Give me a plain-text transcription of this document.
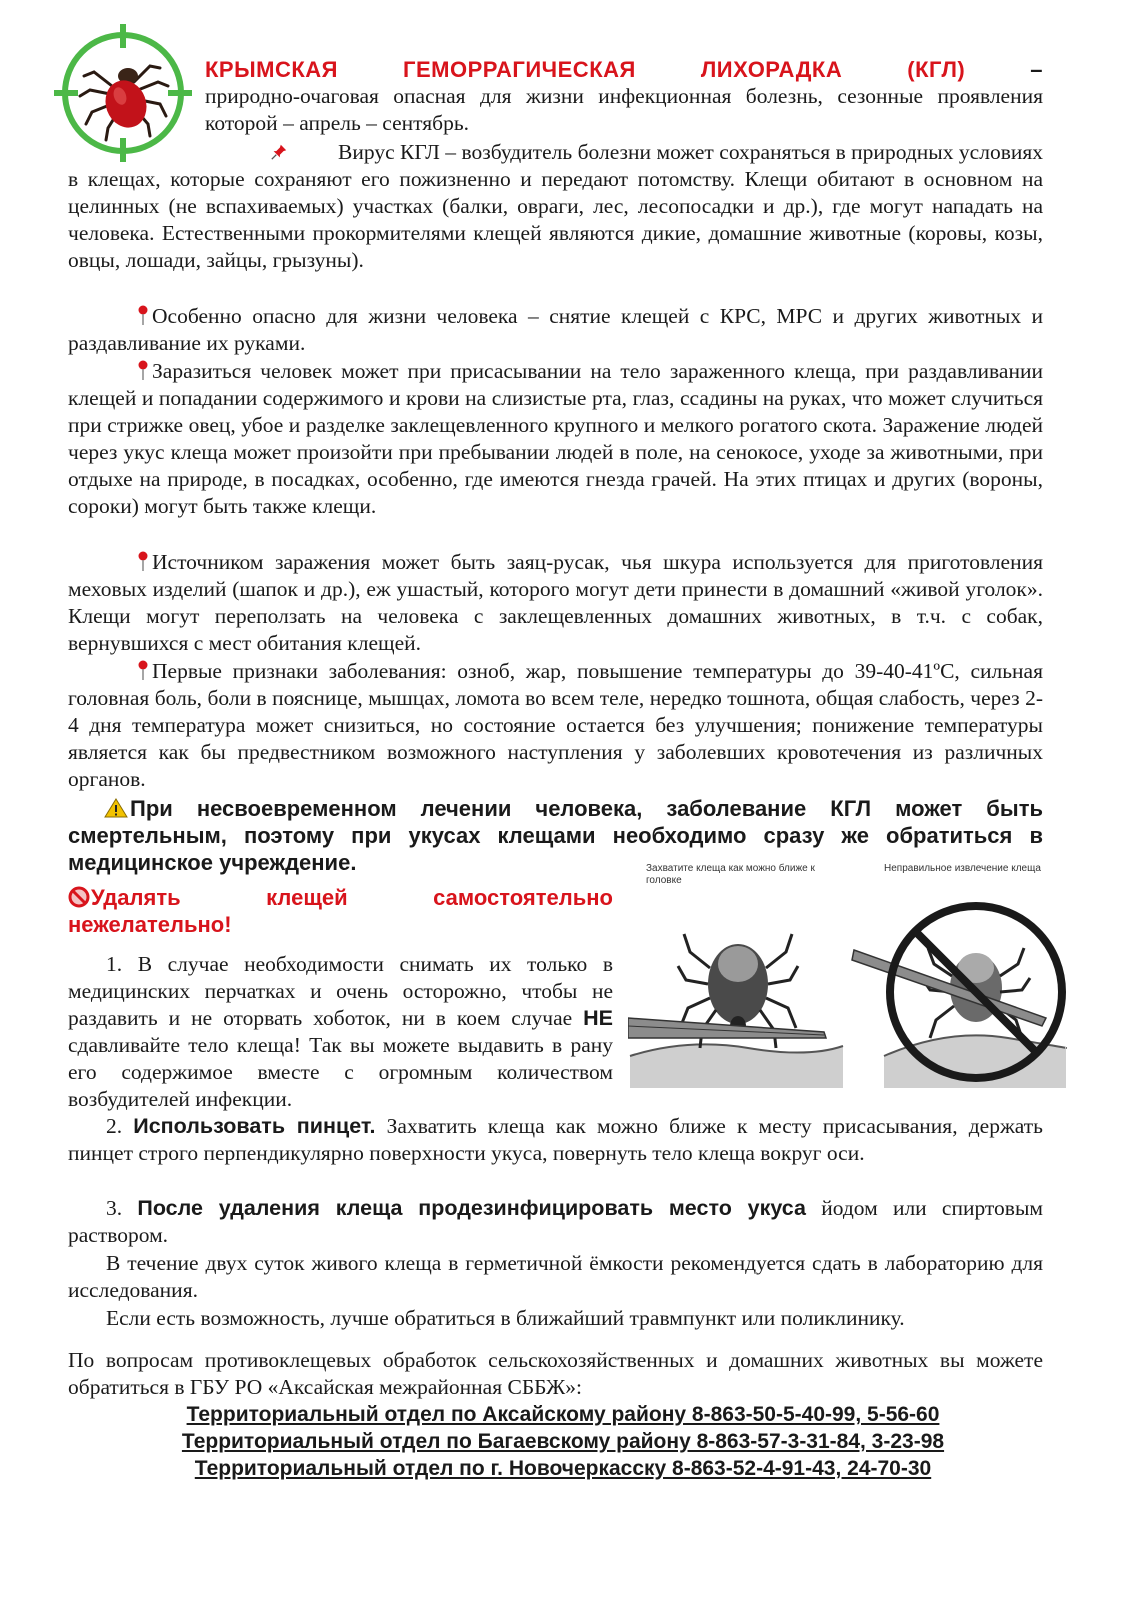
КРЫМСКАЯ	ГЕМОРРАГИЧЕСКАЯ	ЛИХОРАДКА	(КГЛ)	–
природно-очаговая опасная для жизни инфекционная болезнь, сезонные проявления которой – апрель – сентябрь.
Вирус КГЛ – возбудитель болезни может сохраняться в природных условиях в клещах, которые сохраняют его пожизненно и передают потомству. Клещи обитают в основном на целинных (не вспахиваемых) участках (балки, овраги, лес, лесопосадки и др.), где могут нападать на человека. Естественными прокормителями клещей являются дикие, домашние животные (коровы, козы, овцы, лошади, зайцы, грызуны).
Особенно опасно для жизни человека – снятие клещей с КРС, МРС и других животных и раздавливание их руками.
Заразиться человек может при присасывании на тело зараженного клеща, при раздавливании клещей и попадании содержимого и крови на слизистые рта, глаз, ссадины на руках, что может случиться при стрижке овец, убое и разделке заклещевленного крупного и мелкого рогатого скота. Заражение людей через укус клеща может произойти при пребывании людей в поле, на сенокосе, уходе за животными, при отдыхе на природе, в посадках, особенно, где имеются гнезда грачей. На этих птицах и других (вороны, сороки) могут быть также клещи.
Источником заражения может быть заяц-русак, чья шкура используется для приготовления меховых изделий (шапок и др.), еж ушастый, которого могут дети принести в домашний «живой уголок». Клещи могут переползать на человека с заклещевленных домашних животных, в т.ч. с собак, вернувшихся с мест обитания клещей.
Первые признаки заболевания: озноб, жар, повышение температуры до 39-40-41ºС, сильная головная боль, боли в пояснице, мышцах, ломота во всем теле, нередко тошнота, общая слабость, через 2-4 дня температура может снизиться, но состояние остается без улучшения; понижение температуры является как бы предвестником возможного наступления у заболевших кровотечения из различных органов.
При несвоевременном лечении человека, заболевание КГЛ может быть смертельным, поэтому при укусах клещами необходимо сразу же обратиться в медицинское учреждение.
Удалять	клещей	самостоятельно
нежелательно!
1. В случае необходимости снимать их только в медицинских перчатках и очень осторожно, чтобы не раздавить и не оторвать хоботок, ни в коем случае НЕ сдавливайте тело клеща! Так вы можете выдавить в рану его содержимое вместе с огромным количеством возбудителей инфекции.
Захватите клеща как можно ближе к головке
Неправильное извлечение клеща
2. Использовать пинцет. Захватить клеща как можно ближе к месту присасывания, держать пинцет строго перпендикулярно поверхности укуса, повернуть тело клеща вокруг оси.
3. После удаления клеща продезинфицировать место укуса йодом или спиртовым раствором.
В течение двух суток живого клеща в герметичной ёмкости рекомендуется сдать в лабораторию для исследования.
Если есть возможность, лучше обратиться в ближайший травмпункт или поликлинику.
По вопросам противоклещевых обработок сельскохозяйственных и домашних животных вы можете обратиться в ГБУ РО «Аксайская межрайонная СББЖ»:
Территориальный отдел по Аксайскому району 8-863-50-5-40-99, 5-56-60
Территориальный отдел по Багаевскому району 8-863-57-3-31-84, 3-23-98
Территориальный отдел по г. Новочеркасску 8-863-52-4-91-43, 24-70-30
